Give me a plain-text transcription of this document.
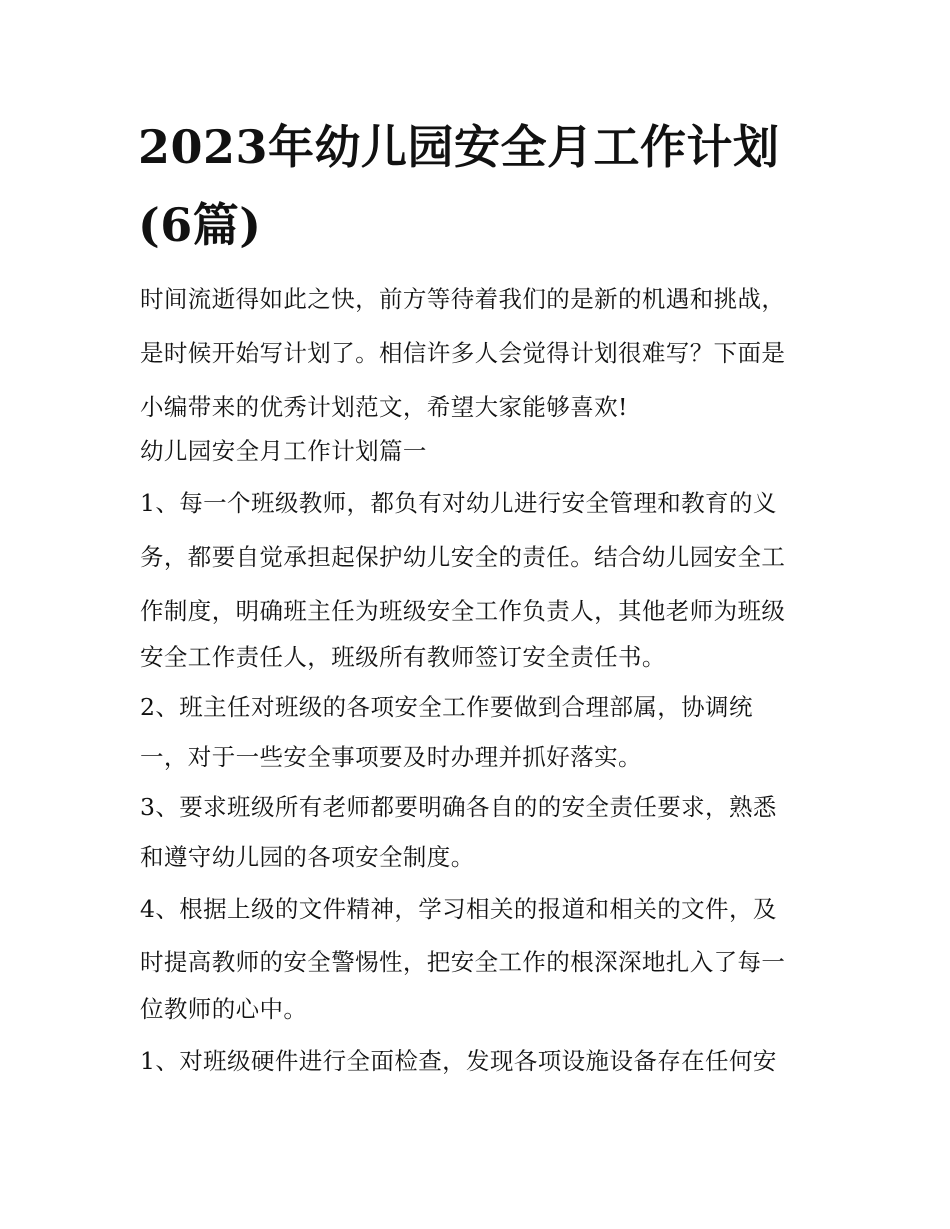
2023年幼儿园安全月工作计划
(6篇)

时间流逝得如此之快，前方等待着我们的是新的机遇和挑战，

是时候开始写计划了。相信许多人会觉得计划很难写？下面是

小编带来的优秀计划范文，希望大家能够喜欢!

幼儿园安全月工作计划篇一

1、每一个班级教师，都负有对幼儿进行安全管理和教育的义

务，都要自觉承担起保护幼儿安全的责任。结合幼儿园安全工

作制度，明确班主任为班级安全工作负责人，其他老师为班级

安全工作责任人，班级所有教师签订安全责任书。

2、班主任对班级的各项安全工作要做到合理部属，协调统

一，对于一些安全事项要及时办理并抓好落实。

3、要求班级所有老师都要明确各自的的安全责任要求，熟悉

和遵守幼儿园的各项安全制度。

4、根据上级的文件精神，学习相关的报道和相关的文件，及

时提高教师的安全警惕性，把安全工作的根深深地扎入了每一

位教师的心中。

1、对班级硬件进行全面检查，发现各项设施设备存在任何安
